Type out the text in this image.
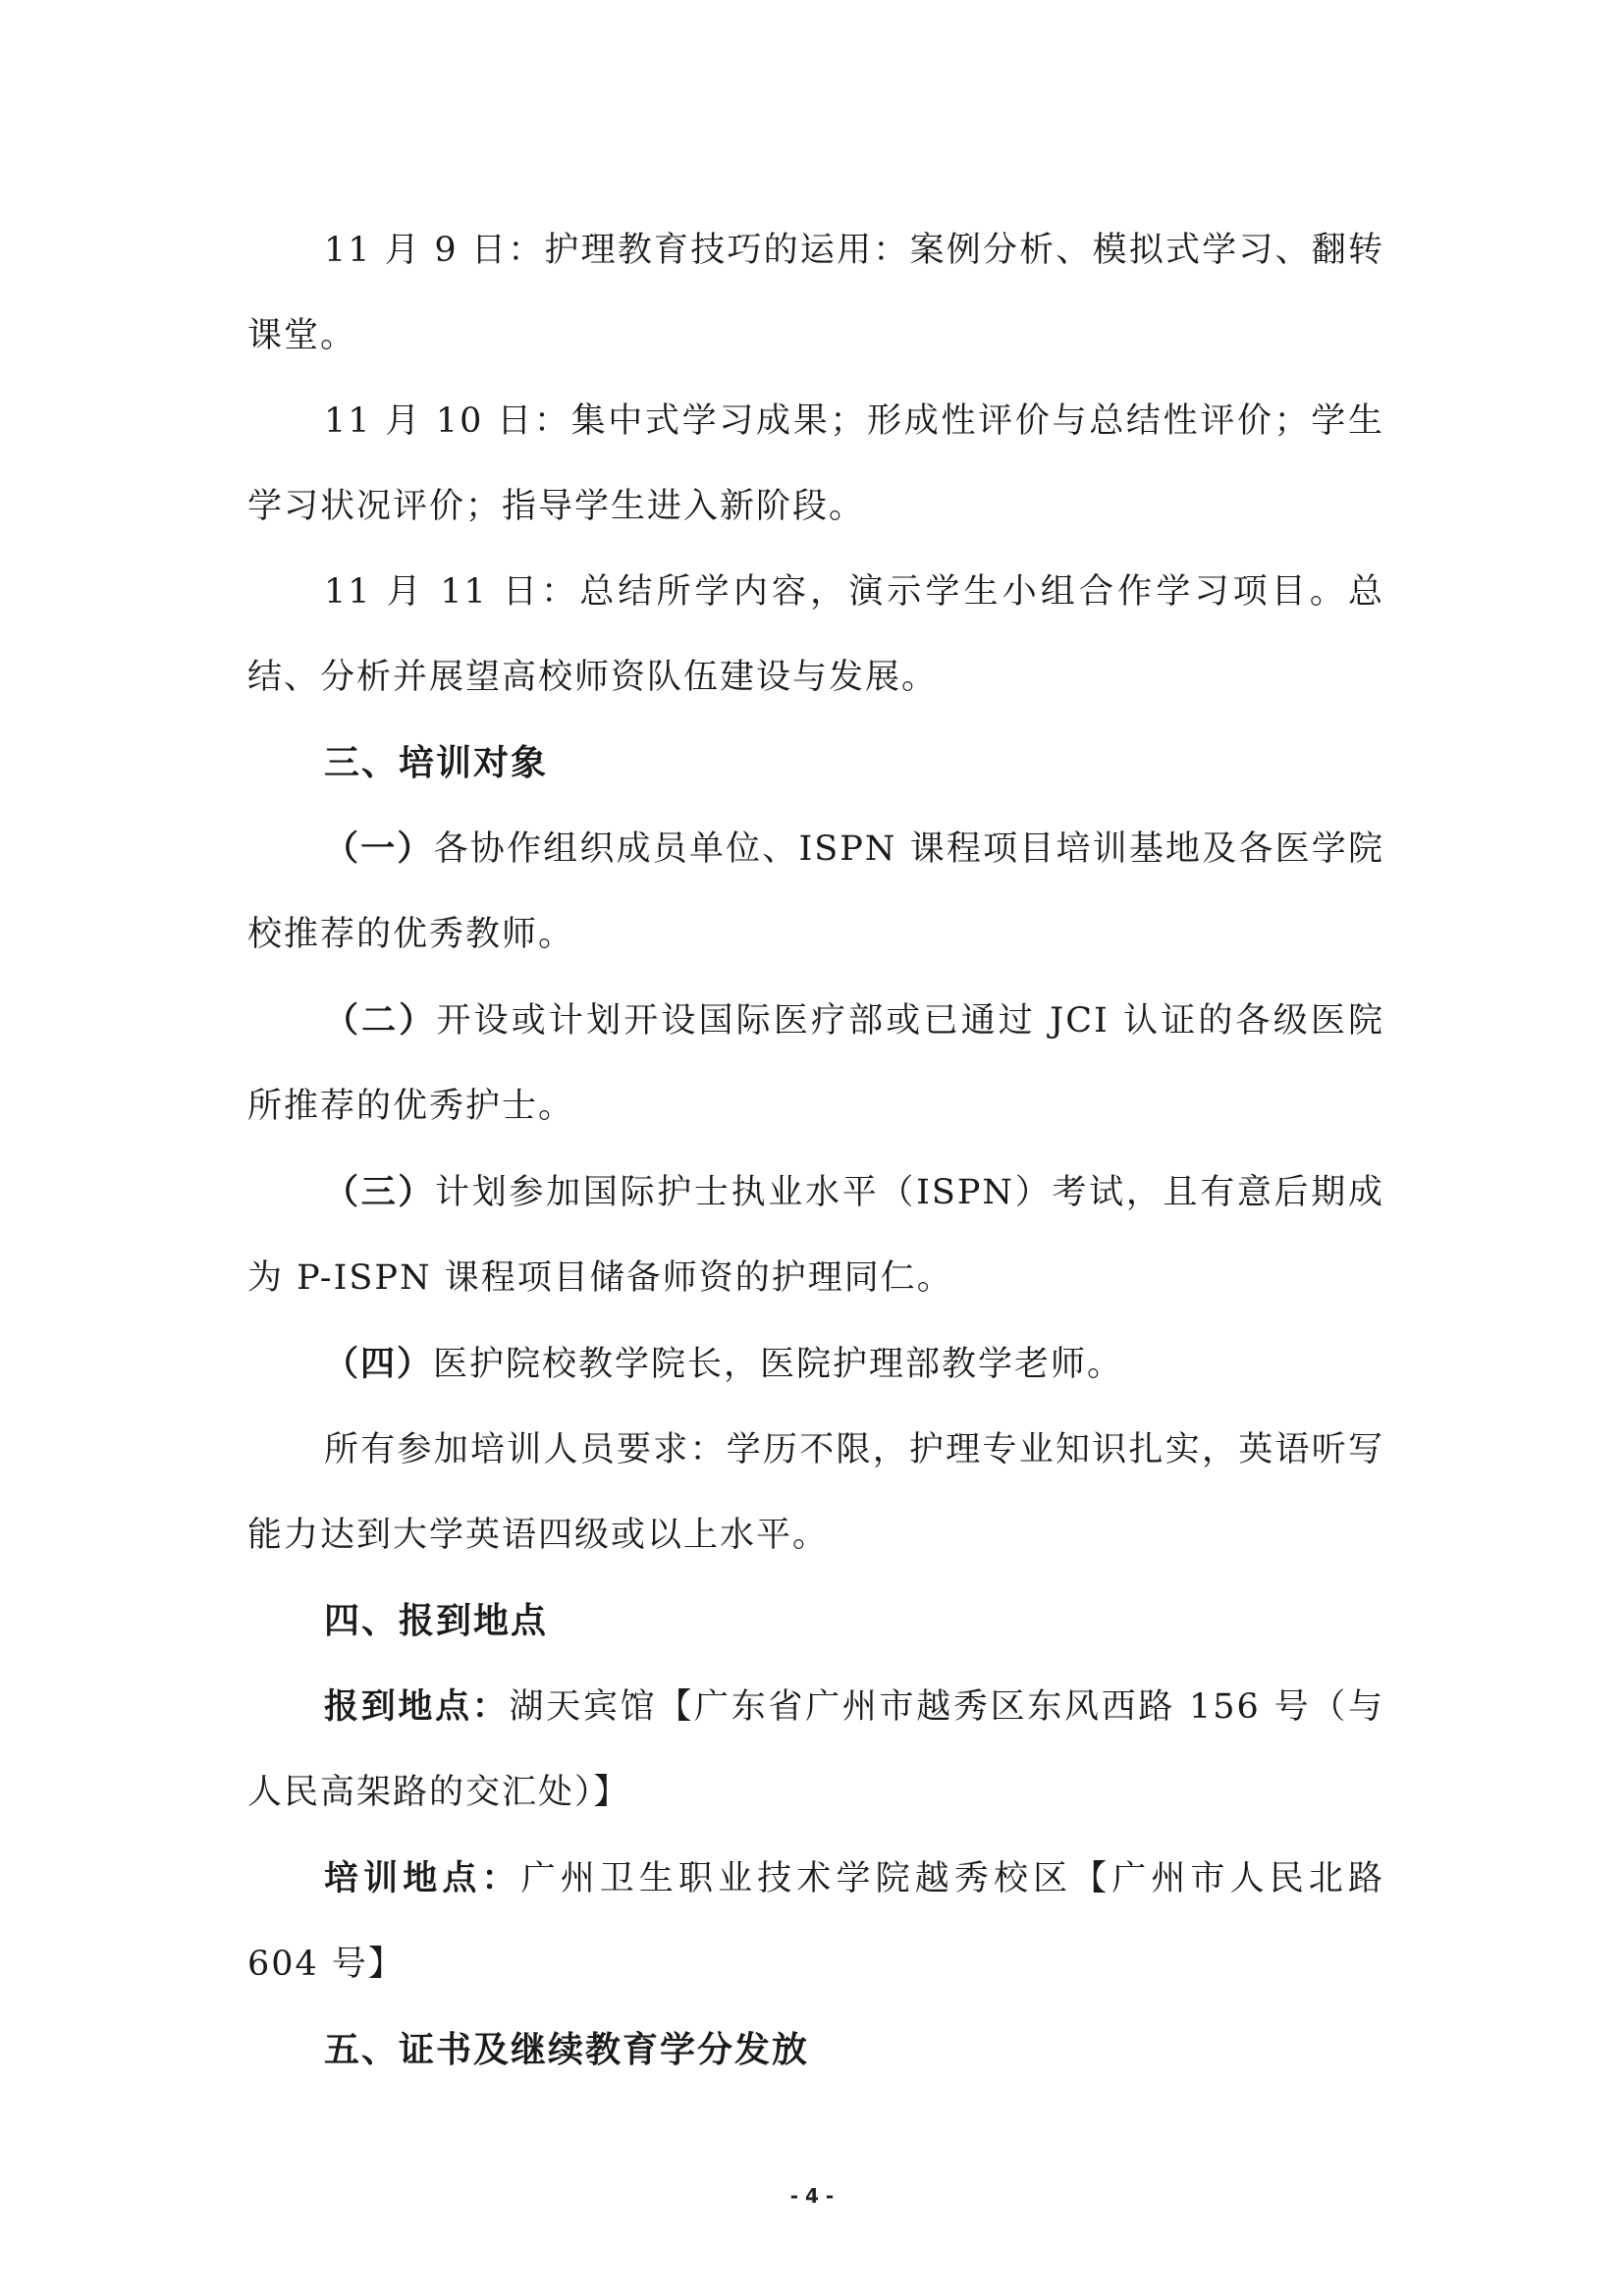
11 月 9 日：护理教育技巧的运用：案例分析、模拟式学习、翻转课堂。

11 月 10 日：集中式学习成果；形成性评价与总结性评价；学生学习状况评价；指导学生进入新阶段。

11 月 11 日：总结所学内容，演示学生小组合作学习项目。总结、分析并展望高校师资队伍建设与发展。

三、培训对象

（一）各协作组织成员单位、ISPN 课程项目培训基地及各医学院校推荐的优秀教师。

（二）开设或计划开设国际医疗部或已通过 JCI 认证的各级医院所推荐的优秀护士。

（三）计划参加国际护士执业水平（ISPN）考试，且有意后期成为 P-ISPN 课程项目储备师资的护理同仁。

（四）医护院校教学院长，医院护理部教学老师。

所有参加培训人员要求：学历不限，护理专业知识扎实，英语听写能力达到大学英语四级或以上水平。

四、报到地点

报到地点：湖天宾馆【广东省广州市越秀区东风西路 156 号（与人民高架路的交汇处）】

培训地点：广州卫生职业技术学院越秀校区【广州市人民北路 604 号】

五、证书及继续教育学分发放

- 4 -
